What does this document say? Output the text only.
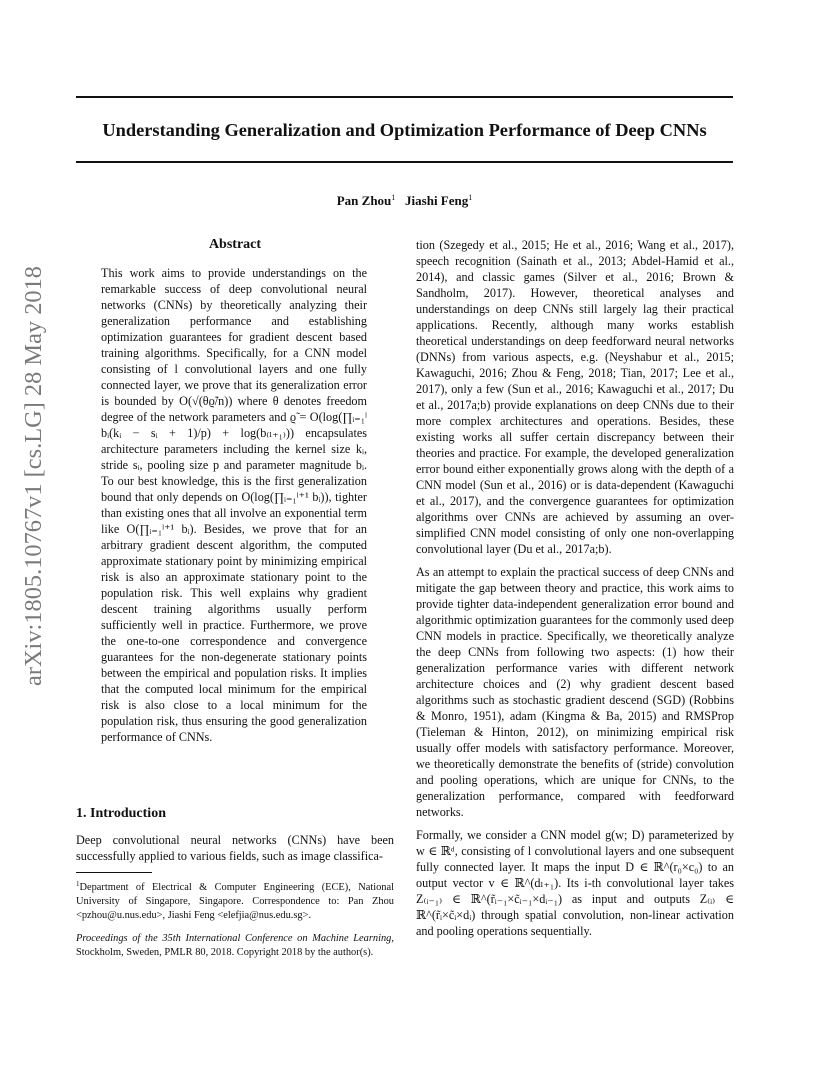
Understanding Generalization and Optimization Performance of Deep CNNs
Pan Zhou$^1$ Jiashi Feng$^1$
arXiv:1805.10767v1 [cs.LG] 28 May 2018
Abstract

This work aims to provide understandings on the remarkable success of deep convolutional neural networks (CNNs) by theoretically analyzing their generalization performance and establishing optimization guarantees for gradient descent based training algorithms. Specifically, for a CNN model consisting of l convolutional layers and one fully connected layer, we prove that its generalization error is bounded by O(√(θϱ̃/n)) where θ denotes freedom degree of the network parameters and ϱ̃ = O(log(∏ᵢ₌₁ˡ bᵢ(kᵢ − sᵢ + 1)/p) + log(b₍ₗ₊₁₎)) encapsulates architecture parameters including the kernel size kᵢ, stride sᵢ, pooling size p and parameter magnitude bᵢ. To our best knowledge, this is the first generalization bound that only depends on O(log(∏ᵢ₌₁ˡ⁺¹ bᵢ)), tighter than existing ones that all involve an exponential term like O(∏ᵢ₌₁ˡ⁺¹ bᵢ). Besides, we prove that for an arbitrary gradient descent algorithm, the computed approximate stationary point by minimizing empirical risk is also an approximate stationary point to the population risk. This well explains why gradient descent training algorithms usually perform sufficiently well in practice. Furthermore, we prove the one-to-one correspondence and convergence guarantees for the non-degenerate stationary points between the empirical and population risks. It implies that the computed local minimum for the empirical risk is also close to a local minimum for the population risk, thus ensuring the good generalization performance of CNNs.

1. Introduction

Deep convolutional neural networks (CNNs) have been successfully applied to various fields, such as image classifica-

$^1$Department of Electrical & Computer Engineering (ECE), National University of Singapore, Singapore. Correspondence to: Pan Zhou <pzhou@u.nus.edu>, Jiashi Feng <elefjia@nus.edu.sg>.
Proceedings of the 35th International Conference on Machine Learning, Stockholm, Sweden, PMLR 80, 2018. Copyright 2018 by the author(s).

tion (Szegedy et al., 2015; He et al., 2016; Wang et al., 2017), speech recognition (Sainath et al., 2013; Abdel-Hamid et al., 2014), and classic games (Silver et al., 2016; Brown & Sandholm, 2017). However, theoretical analyses and understandings on deep CNNs still largely lag their practical applications. Recently, although many works establish theoretical understandings on deep feedforward neural networks (DNNs) from various aspects, e.g. (Neyshabur et al., 2015; Kawaguchi, 2016; Zhou & Feng, 2018; Tian, 2017; Lee et al., 2017), only a few (Sun et al., 2016; Kawaguchi et al., 2017; Du et al., 2017a;b) provide explanations on deep CNNs due to their more complex architectures and operations. Besides, these existing works all suffer certain discrepancy between their theories and practice. For example, the developed generalization error bound either exponentially grows along with the depth of a CNN model (Sun et al., 2016) or is data-dependent (Kawaguchi et al., 2017), and the convergence guarantees for optimization algorithms over CNNs are achieved by assuming an over-simplified CNN model consisting of only one non-overlapping convolutional layer (Du et al., 2017a;b).

As an attempt to explain the practical success of deep CNNs and mitigate the gap between theory and practice, this work aims to provide tighter data-independent generalization error bound and algorithmic optimization guarantees for the commonly used deep CNN models in practice. Specifically, we theoretically analyze the deep CNNs from following two aspects: (1) how their generalization performance varies with different network architecture choices and (2) why gradient descent based algorithms such as stochastic gradient descend (SGD) (Robbins & Monro, 1951), adam (Kingma & Ba, 2015) and RMSProp (Tieleman & Hinton, 2012), on minimizing empirical risk usually offer models with satisfactory performance. Moreover, we theoretically demonstrate the benefits of (stride) convolution and pooling operations, which are unique for CNNs, to the generalization performance, compared with feedforward networks.

Formally, we consider a CNN model g(w; D) parameterized by w ∈ ℝᵈ, consisting of l convolutional layers and one subsequent fully connected layer. It maps the input D ∈ ℝ^(r₀×c₀) to an output vector v ∈ ℝ^(dₗ₊₁). Its i-th convolutional layer takes Z₍ᵢ₋₁₎ ∈ ℝ^(r̃ᵢ₋₁×c̃ᵢ₋₁×dᵢ₋₁) as input and outputs Z₍ᵢ₎ ∈ ℝ^(r̃ᵢ×c̃ᵢ×dᵢ) through spatial convolution, non-linear activation and pooling operations sequentially.
